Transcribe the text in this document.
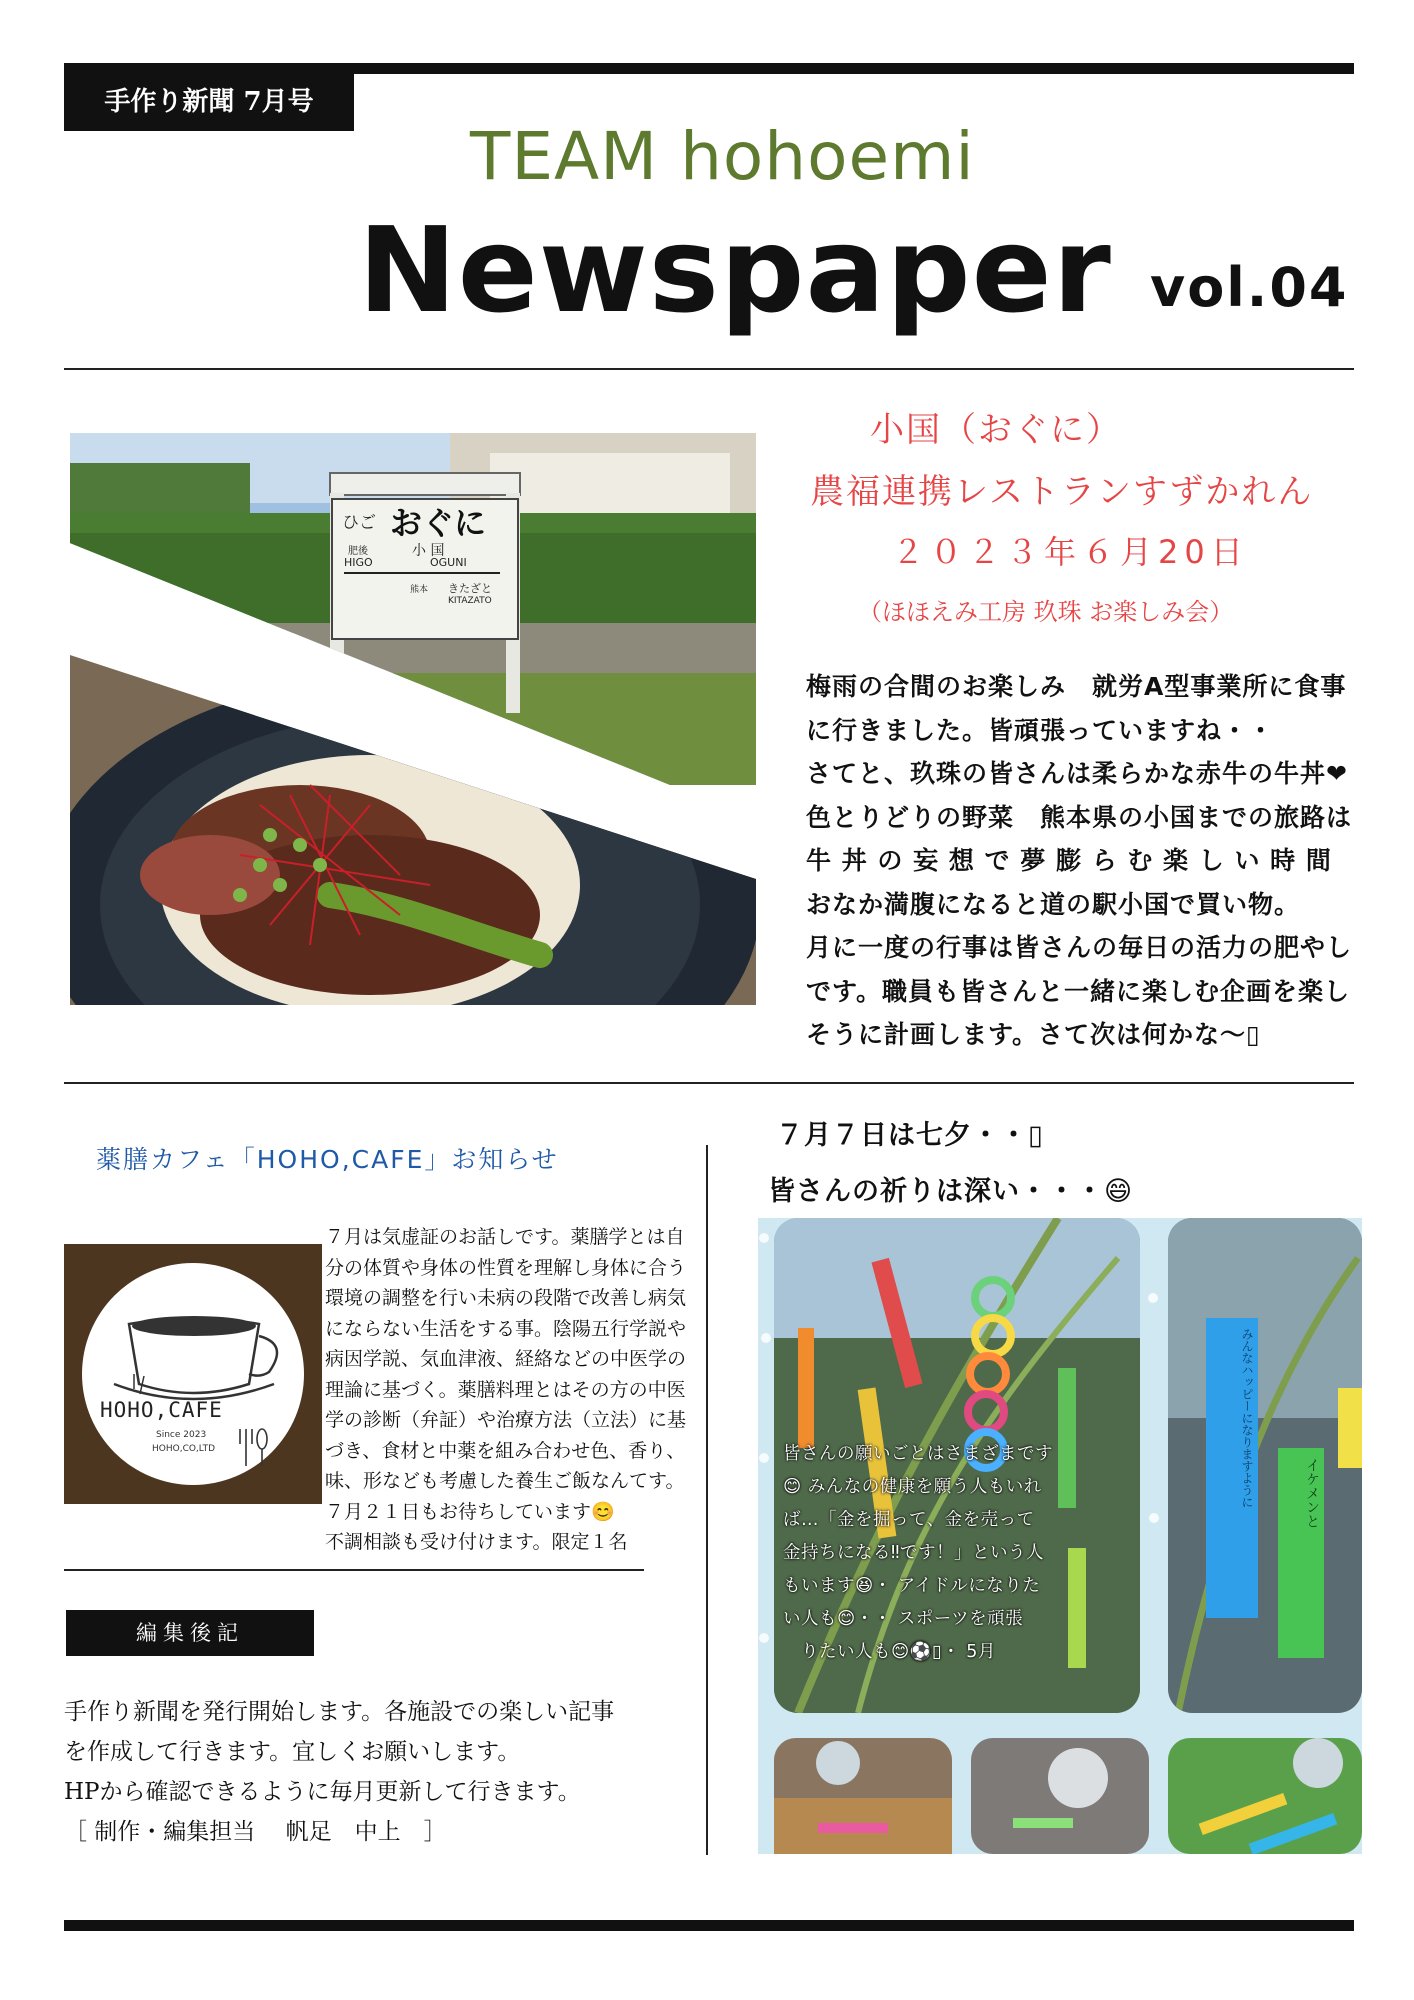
手作り新聞 7月号
TEAM hohoemi
Newspaper vol.04
ひご おぐに
肥後	小 国
HIGO	OGUNI
熊本 きたざと
KITAZATO
小国（おぐに）
農福連携レストランすずかれん
２０２３年６月20日
（ほほえみ工房 玖珠 お楽しみ会）
梅雨の合間のお楽しみ　就労A型事業所に食事
に行きました。皆頑張っていますね・・
さてと、玖珠の皆さんは柔らかな赤牛の牛丼❤
色とりどりの野菜　熊本県の小国までの旅路は
牛 丼 の 妄 想 で 夢 膨 ら む 楽 し い 時 間
おなか満腹になると道の駅小国で買い物。
月に一度の行事は皆さんの毎日の活力の肥やし
です。職員も皆さんと一緒に楽しむ企画を楽し
そうに計画します。さて次は何かな〜▯
薬膳カフェ「HOHO,CAFE」お知らせ
HOHO,CAFE
Since 2023
HOHO,CO,LTD
７月は気虚証のお話しです。薬膳学とは自
分の体質や身体の性質を理解し身体に合う
環境の調整を行い未病の段階で改善し病気
にならない生活をする事。陰陽五行学説や
病因学説、気血津液、経絡などの中医学の
理論に基づく。薬膳料理とはその方の中医
学の診断（弁証）や治療方法（立法）に基
づき、食材と中薬を組み合わせ色、香り、
味、形なども考慮した養生ご飯なんてす。
７月２１日もお待ちしています😊
不調相談も受け付けます。限定１名
編集後記
手作り新聞を発行開始します。各施設での楽しい記事
を作成して行きます。宜しくお願いします。
HPから確認できるように毎月更新して行きます。
［ 制作・編集担当　 帆足　中上　］
７月７日は七夕・・▯
皆さんの祈りは深い・・・😄
みんなハッピーになりますように	イケメンと
皆さんの願いごとはさまざまです
😊 みんなの健康を願う人もいれ
ば…「金を掘って、金を売って
金持ちになる‼です！」という人
もいます😆・ アイドルになりた
い人も😊・・ スポーツを頑張
　りたい人も😊⚽▯・ 5月
